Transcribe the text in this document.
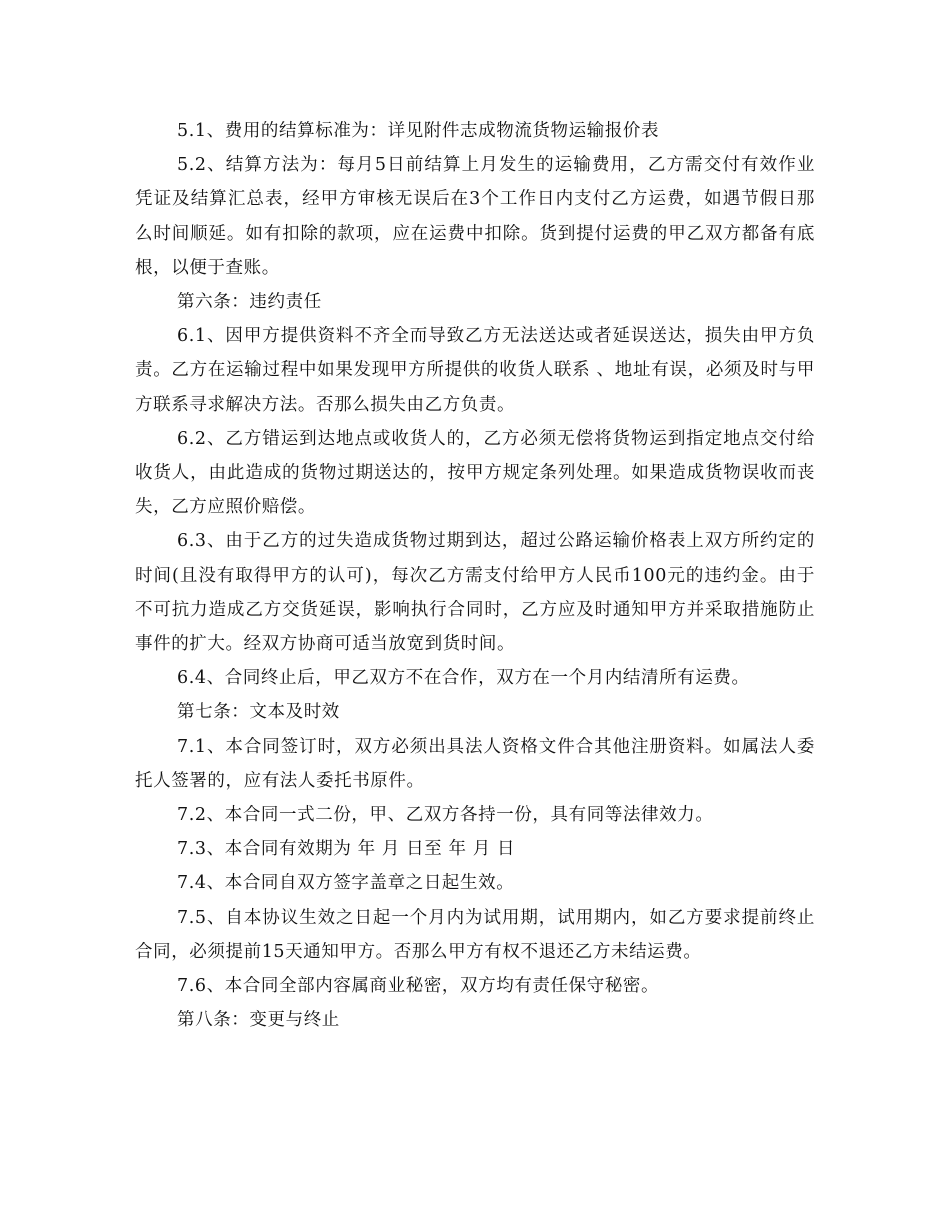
5.1、费用的结算标准为：详见附件志成物流货物运输报价表

5.2、结算方法为：每月5日前结算上月发生的运输费用，乙方需交付有效作业凭证及结算汇总表，经甲方审核无误后在3个工作日内支付乙方运费，如遇节假日那么时间顺延。如有扣除的款项，应在运费中扣除。货到提付运费的甲乙双方都备有底根，以便于查账。

第六条：违约责任

6.1、因甲方提供资料不齐全而导致乙方无法送达或者延误送达，损失由甲方负责。乙方在运输过程中如果发现甲方所提供的收货人联系 、地址有误，必须及时与甲方联系寻求解决方法。否那么损失由乙方负责。

6.2、乙方错运到达地点或收货人的，乙方必须无偿将货物运到指定地点交付给收货人，由此造成的货物过期送达的，按甲方规定条列处理。如果造成货物误收而丧失，乙方应照价赔偿。

6.3、由于乙方的过失造成货物过期到达，超过公路运输价格表上双方所约定的时间(且没有取得甲方的认可)，每次乙方需支付给甲方人民币100元的违约金。由于不可抗力造成乙方交货延误，影响执行合同时，乙方应及时通知甲方并采取措施防止事件的扩大。经双方协商可适当放宽到货时间。

6.4、合同终止后，甲乙双方不在合作，双方在一个月内结清所有运费。

第七条：文本及时效

7.1、本合同签订时，双方必须出具法人资格文件合其他注册资料。如属法人委托人签署的，应有法人委托书原件。

7.2、本合同一式二份，甲、乙双方各持一份，具有同等法律效力。

7.3、本合同有效期为 年 月 日至 年 月 日

7.4、本合同自双方签字盖章之日起生效。

7.5、自本协议生效之日起一个月内为试用期，试用期内，如乙方要求提前终止合同，必须提前15天通知甲方。否那么甲方有权不退还乙方未结运费。

7.6、本合同全部内容属商业秘密，双方均有责任保守秘密。

第八条：变更与终止
